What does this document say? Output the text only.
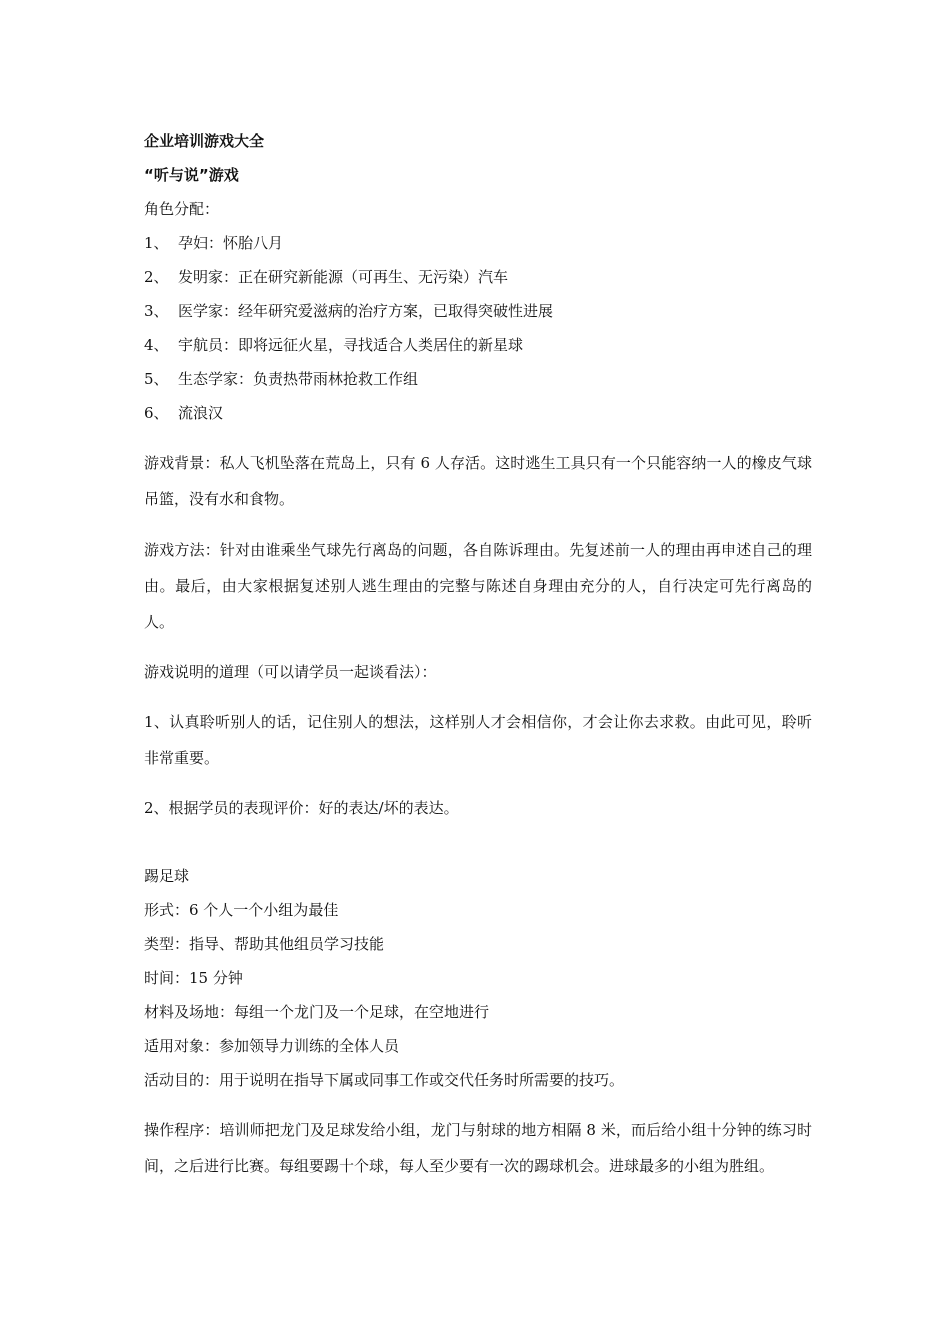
企业培训游戏大全

“听与说”游戏

角色分配：

1、 孕妇：怀胎八月

2、 发明家：正在研究新能源（可再生、无污染）汽车

3、 医学家：经年研究爱滋病的治疗方案，已取得突破性进展

4、 宇航员：即将远征火星，寻找适合人类居住的新星球

5、 生态学家：负责热带雨林抢救工作组

6、 流浪汉

游戏背景：私人飞机坠落在荒岛上，只有 6 人存活。这时逃生工具只有一个只能容纳一人的橡皮气球吊篮，没有水和食物。

游戏方法：针对由谁乘坐气球先行离岛的问题，各自陈诉理由。先复述前一人的理由再申述自己的理由。最后，由大家根据复述别人逃生理由的完整与陈述自身理由充分的人，自行决定可先行离岛的人。

游戏说明的道理（可以请学员一起谈看法）：

1、认真聆听别人的话，记住别人的想法，这样别人才会相信你，才会让你去求救。由此可见，聆听非常重要。

2、根据学员的表现评价：好的表达/坏的表达。

踢足球

形式：6 个人一个小组为最佳

类型：指导、帮助其他组员学习技能

时间：15 分钟

材料及场地：每组一个龙门及一个足球，在空地进行

适用对象：参加领导力训练的全体人员

活动目的：用于说明在指导下属或同事工作或交代任务时所需要的技巧。

操作程序：培训师把龙门及足球发给小组，龙门与射球的地方相隔 8 米，而后给小组十分钟的练习时间，之后进行比赛。每组要踢十个球，每人至少要有一次的踢球机会。进球最多的小组为胜组。
